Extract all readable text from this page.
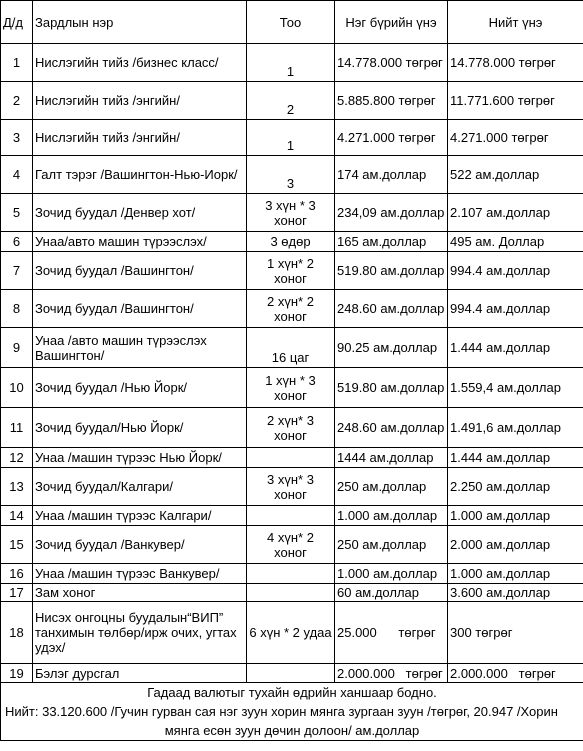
Д/д	Зардлын нэр	Тоо	Нэг бүрийн үнэ	Нийт үнэ
1	Нислэгийн тийз /бизнес класс/	1	14.778.000 төгрөг	14.778.000 төгрөг
2	Нислэгийн тийз /энгийн/	2	5.885.800 төгрөг	11.771.600 төгрөг
3	Нислэгийн тийз /энгийн/	1	4.271.000 төгрөг	4.271.000 төгрөг
4	Галт тэрэг /Вашингтон-Нью-Иорк/	3	174 ам.доллар	522 ам.доллар
5	Зочид буудал /Денвер хот/	3 хүн * 3 хоног	234,09 ам.доллар	2.107 ам.доллар
6	Унаа/авто машин түрээслэх/	3 өдөр	165 ам.доллар	495 ам. Доллар
7	Зочид буудал /Вашингтон/	1 хүн* 2 хоног	519.80 ам.доллар	994.4 ам.доллар
8	Зочид буудал /Вашингтон/	2 хүн* 2 хоног	248.60 ам.доллар	994.4 ам.доллар
9	Унаа /авто машин түрээслэх Вашингтон/	16 цаг	90.25 ам.доллар	1.444 ам.доллар
10	Зочид буудал /Нью Йорк/	1 хүн * 3 хоног	519.80 ам.доллар	1.559,4 ам.доллар
11	Зочид буудал/Нью Йорк/	2 хүн* 3 хоног	248.60 ам.доллар	1.491,6 ам.доллар
12	Унаа /машин түрээс Нью Йорк/		1444 ам.доллар	1.444 ам.доллар
13	Зочид буудал/Калгари/	3 хүн* 3 хоног	250 ам.доллар	2.250 ам.доллар
14	Унаа /машин түрээс Калгари/		1.000 ам.доллар	1.000 ам.доллар
15	Зочид буудал /Ванкувер/	4 хүн* 2 хоног	250 ам.доллар	2.000 ам.доллар
16	Унаа /машин түрээс Ванкувер/		1.000 ам.доллар	1.000 ам.доллар
17	Зам хоног		60 ам.доллар	3.600 ам.доллар
18	Нисэх онгоцны буудалын“ВИП” танхимын төлбөр/ирж очих, угтах удэх/	6 хүн * 2 удаа	25.000      төгрөг	300 төгрөг
19	Бэлэг дурсгал		2.000.000   төгрөг	2.000.000   төгрөг

Гадаад валютыг тухайн өдрийн ханшаар бодно.
Нийт: 33.120.600 /Гучин гурван сая нэг зуун хорин мянга зургаан зуун /төгрөг, 20.947 /Хорин
мянга есөн зуун дөчин долоон/ ам.доллар				
